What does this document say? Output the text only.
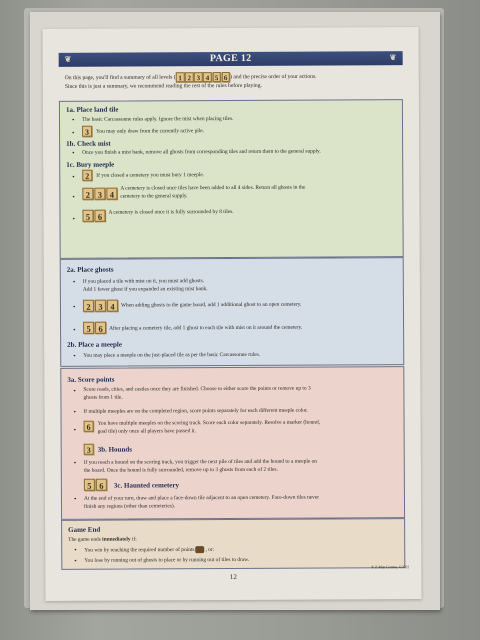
❦	PAGE 12	❦
On this page, you'll find a summary of all levels ( 1 2 3 4 5 6 ) and the precise order of your actions.
Since this is just a summary, we recommend reading the rest of the rules before playing.
1a. Place land tile
• The basic Carcassonne rules apply. Ignore the mist when placing tiles.
•	3	You may only draw from the currently active pile.
1b. Check mist
• Once you finish a mist bank, remove all ghosts from corresponding tiles and return them to the general supply.
1c. Bury meeple
•	2	If you closed a cemetery you must bury 1 meeple.
•	2 3 4
A cemetery is closed once tiles have been added to all 4 sides. Return all ghosts in the
cemetery to the general supply.
•	5 6	A cemetery is closed once it is fully surrounded by 8 tiles.
2a. Place ghosts
• If you placed a tile with mist on it, you must add ghosts.
Add 1 fewer ghost if you expanded an existing mist bank.
•	2 3 4	When adding ghosts to the game board, add 1 additional ghost to an open cemetery.
•	5 6	After placing a cemetery tile, add 1 ghost to each tile with mist on it around the cemetery.
2b. Place a meeple
• You may place a meeple on the just-placed tile as per the basic Carcassonne rules.
3a. Score points
• Score roads, cities, and castles once they are finished. Choose to either score the points or remove up to 3
ghosts from 1 tile.
• If multiple meeples are on the completed region, score points separately for each different meeple color.
•	6	You have multiple meeples on the scoring track. Score each color separately. Resolve a marker (hound,
goal tile) only once all players have passed it.
3 3b. Hounds
• If you reach a hound on the scoring track, you trigger the next pile of tiles and add the hound to a meeple on
the board. Once the hound is fully surrounded, remove up to 3 ghosts from each of 2 tiles.
5 6	3c. Haunted cemetery
• At the end of your turn, draw and place a face-down tile adjacent to an open cemetery. Face-down tiles never
finish any regions (other than cemeteries).
Game End
The game ends immediately if:
• You win by reaching the required number of points , or:
• You lose by running out of ghosts to place or by running out of tiles to draw.
® Z-Man Games, ©2022
12
